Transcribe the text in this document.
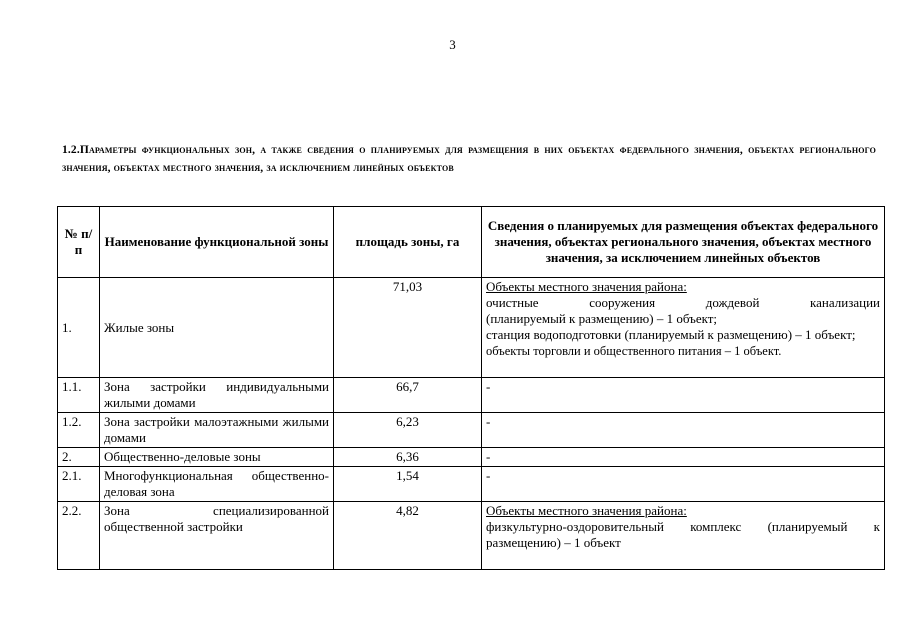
3
1.2.Параметры функциональных зон, а также сведения о планируемых для размещения в них объектах федерального значения, объектах регионального значения, объектах местного значения, за исключением линейных объектов
№ п/п	Наименование функциональной зоны	площадь зоны, га	Сведения о планируемых для размещения объектах федерального значения, объектах регионального значения, объектах местного значения, за исключением линейных объектов
1.	Жилые зоны	71,03	Объекты местного значения района:
очистные сооружения дождевой канализации
(планируемый к размещению) – 1 объект;
станция водоподготовки (планируемый к размещению) – 1 объект;
объекты торговли и общественного питания – 1 объект.

1.1.	Зона застройки индивидуальными жилыми домами	66,7	-

1.2.	Зона застройки малоэтажными жилыми домами	6,23	-

2.	Общественно-деловые зоны	6,36	-

2.1.	Многофункциональная общественно-деловая зона	1,54	-

2.2.	Зона специализированной общественной застройки	4,82	Объекты местного значения района:
физкультурно-оздоровительный комплекс (планируемый к размещению) – 1 объект
